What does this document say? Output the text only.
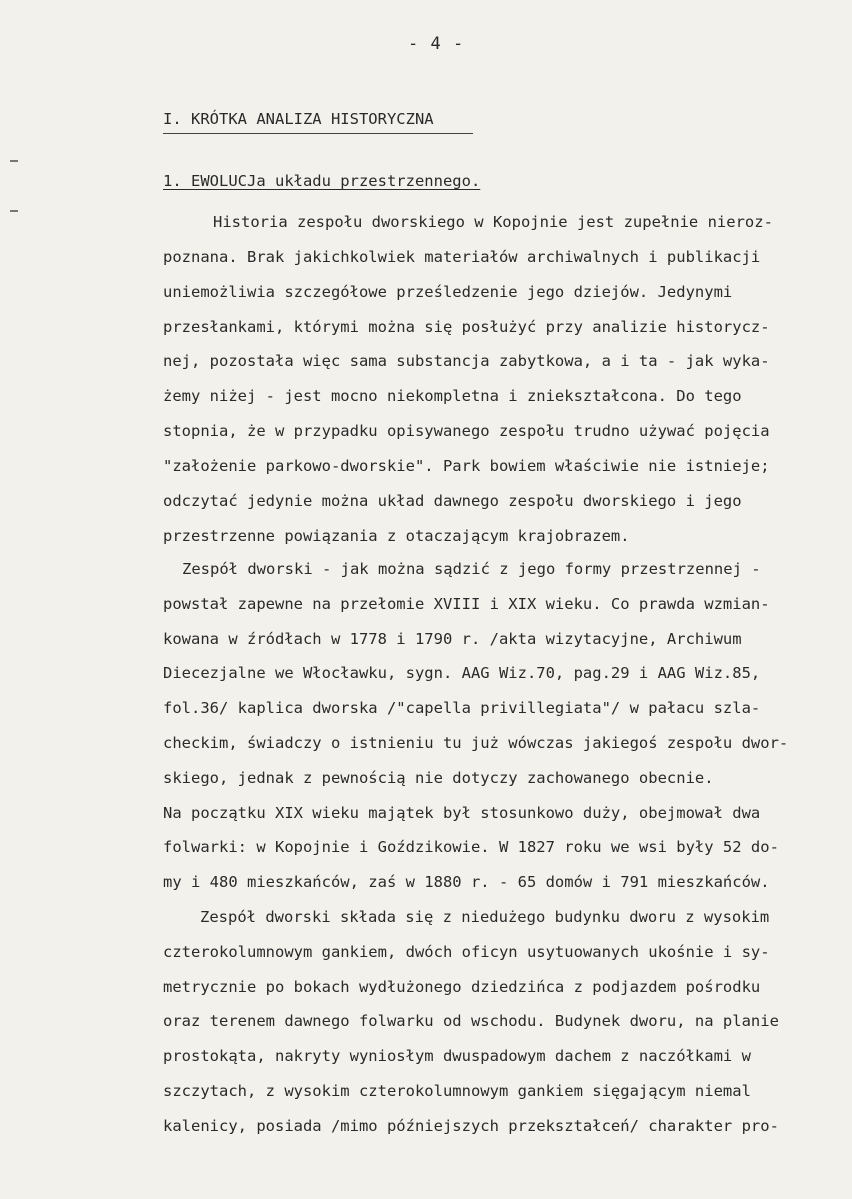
- 4 -
I. KRÓTKA ANALIZA HISTORYCZNA
1. EWOLUCJa układu przestrzennego.
Historia zespołu dworskiego w Kopojnie jest zupełnie nieroz-
poznana. Brak jakichkolwiek materiałów archiwalnych i publikacji
uniemożliwia szczegółowe prześledzenie jego dziejów. Jedynymi
przesłankami, którymi można się posłużyć przy analizie historycz-
nej, pozostała więc sama substancja zabytkowa, a i ta - jak wyka-
żemy niżej - jest mocno niekompletna i zniekształcona. Do tego
stopnia, że w przypadku opisywanego zespołu trudno używać pojęcia
"założenie parkowo-dworskie". Park bowiem właściwie nie istnieje;
odczytać jedynie można układ dawnego zespołu dworskiego i jego
przestrzenne powiązania z otaczającym krajobrazem.
Zespół dworski - jak można sądzić z jego formy przestrzennej -
powstał zapewne na przełomie XVIII i XIX wieku. Co prawda wzmian-
kowana w źródłach w 1778 i 1790 r. /akta wizytacyjne, Archiwum
Diecezjalne we Włocławku, sygn. AAG Wiz.70, pag.29 i AAG Wiz.85,
fol.36/ kaplica dworska /"capella privillegiata"/ w pałacu szla-
checkim, świadczy o istnieniu tu już wówczas jakiegoś zespołu dwor-
skiego, jednak z pewnością nie dotyczy zachowanego obecnie.
Na początku XIX wieku majątek był stosunkowo duży, obejmował dwa
folwarki: w Kopojnie i Goździkowie. W 1827 roku we wsi były 52 do-
my i 480 mieszkańców, zaś w 1880 r. - 65 domów i 791 mieszkańców.
Zespół dworski składa się z niedużego budynku dworu z wysokim
czterokolumnowym gankiem, dwóch oficyn usytuowanych ukośnie i sy-
metrycznie po bokach wydłużonego dziedzińca z podjazdem pośrodku
oraz terenem dawnego folwarku od wschodu. Budynek dworu, na planie
prostokąta, nakryty wyniosłym dwuspadowym dachem z naczółkami w
szczytach, z wysokim czterokolumnowym gankiem sięgającym niemal
kalenicy, posiada /mimo późniejszych przekształceń/ charakter pro-
